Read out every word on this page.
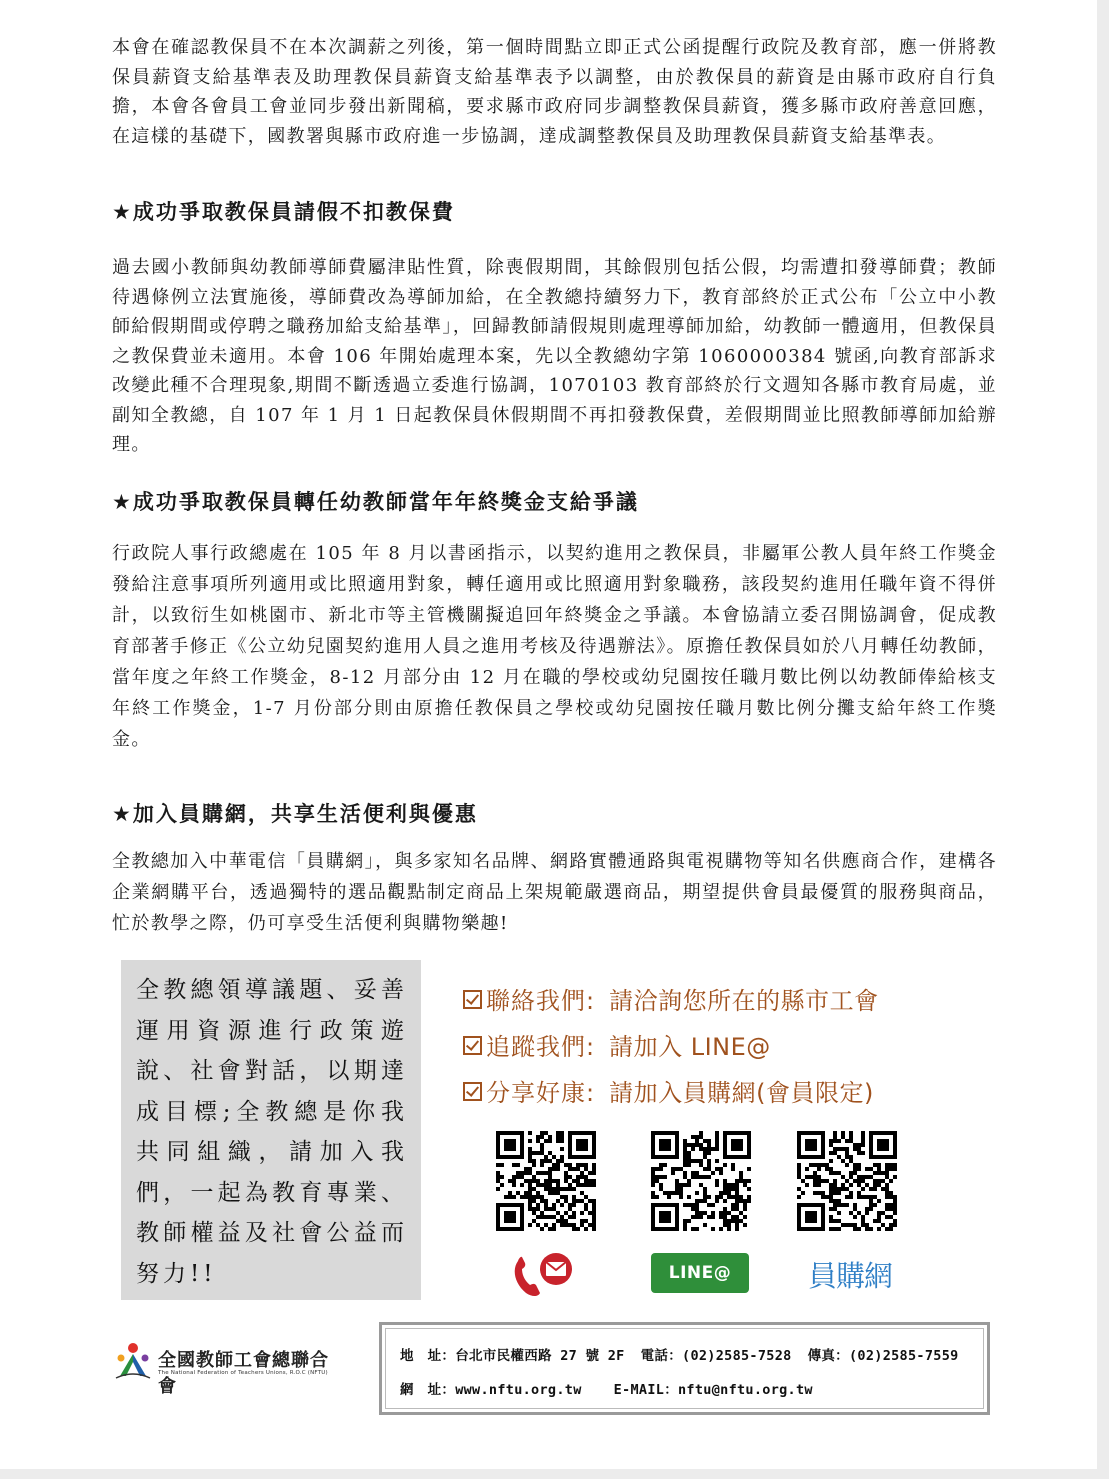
本會在確認教保員不在本次調薪之列後，第一個時間點立即正式公函提醒行政院及教育部，應一併將教保員薪資支給基準表及助理教保員薪資支給基準表予以調整，由於教保員的薪資是由縣市政府自行負擔，本會各會員工會並同步發出新聞稿，要求縣市政府同步調整教保員薪資，獲多縣市政府善意回應，在這樣的基礎下，國教署與縣市政府進一步協調，達成調整教保員及助理教保員薪資支給基準表。

★成功爭取教保員請假不扣教保費

過去國小教師與幼教師導師費屬津貼性質，除喪假期間，其餘假別包括公假，均需遭扣發導師費；教師待遇條例立法實施後，導師費改為導師加給，在全教總持續努力下，教育部終於正式公布「公立中小教師給假期間或停聘之職務加給支給基準」，回歸教師請假規則處理導師加給，幼教師一體適用，但教保員之教保費並未適用。本會 106 年開始處理本案，先以全教總幼字第 1060000384 號函,向教育部訴求改變此種不合理現象,期間不斷透過立委進行協調，1070103 教育部終於行文週知各縣市教育局處，並副知全教總，自 107 年 1 月 1 日起教保員休假期間不再扣發教保費，差假期間並比照教師導師加給辦理。

★成功爭取教保員轉任幼教師當年年終獎金支給爭議

行政院人事行政總處在 105 年 8 月以書函指示，以契約進用之教保員，非屬軍公教人員年終工作獎金發給注意事項所列適用或比照適用對象，轉任適用或比照適用對象職務，該段契約進用任職年資不得併計，以致衍生如桃園市、新北市等主管機關擬追回年終獎金之爭議。本會協請立委召開協調會，促成教育部著手修正《公立幼兒園契約進用人員之進用考核及待遇辦法》。原擔任教保員如於八月轉任幼教師，當年度之年終工作獎金，8-12 月部分由 12 月在職的學校或幼兒園按任職月數比例以幼教師俸給核支年終工作獎金，1-7 月份部分則由原擔任教保員之學校或幼兒園按任職月數比例分攤支給年終工作獎金。

★加入員購網，共享生活便利與優惠

全教總加入中華電信「員購網」，與多家知名品牌、網路實體通路與電視購物等知名供應商合作，建構各企業網購平台，透過獨特的選品觀點制定商品上架規範嚴選商品，期望提供會員最優質的服務與商品，忙於教學之際，仍可享受生活便利與購物樂趣!

全教總領導議題、妥善運用資源進行政策遊說、社會對話，以期達成目標;全教總是你我共同組織，請加入我們，一起為教育專業、教師權益及社會公益而努力!!
聯絡我們: 請洽詢您所在的縣市工會
追蹤我們: 請加入 LINE@
分享好康: 請加入員購網(會員限定)
LINE@	員購網
全國教師工會總聯合會
The National Federation of Teachers Unions, R.O.C (NFTU)
地　址：台北市民權西路 27 號 2F 電話：(02)2585-7528 傳真：(02)2585-7559
網　址：www.nftu.org.tw E-MAIL：nftu@nftu.org.tw
